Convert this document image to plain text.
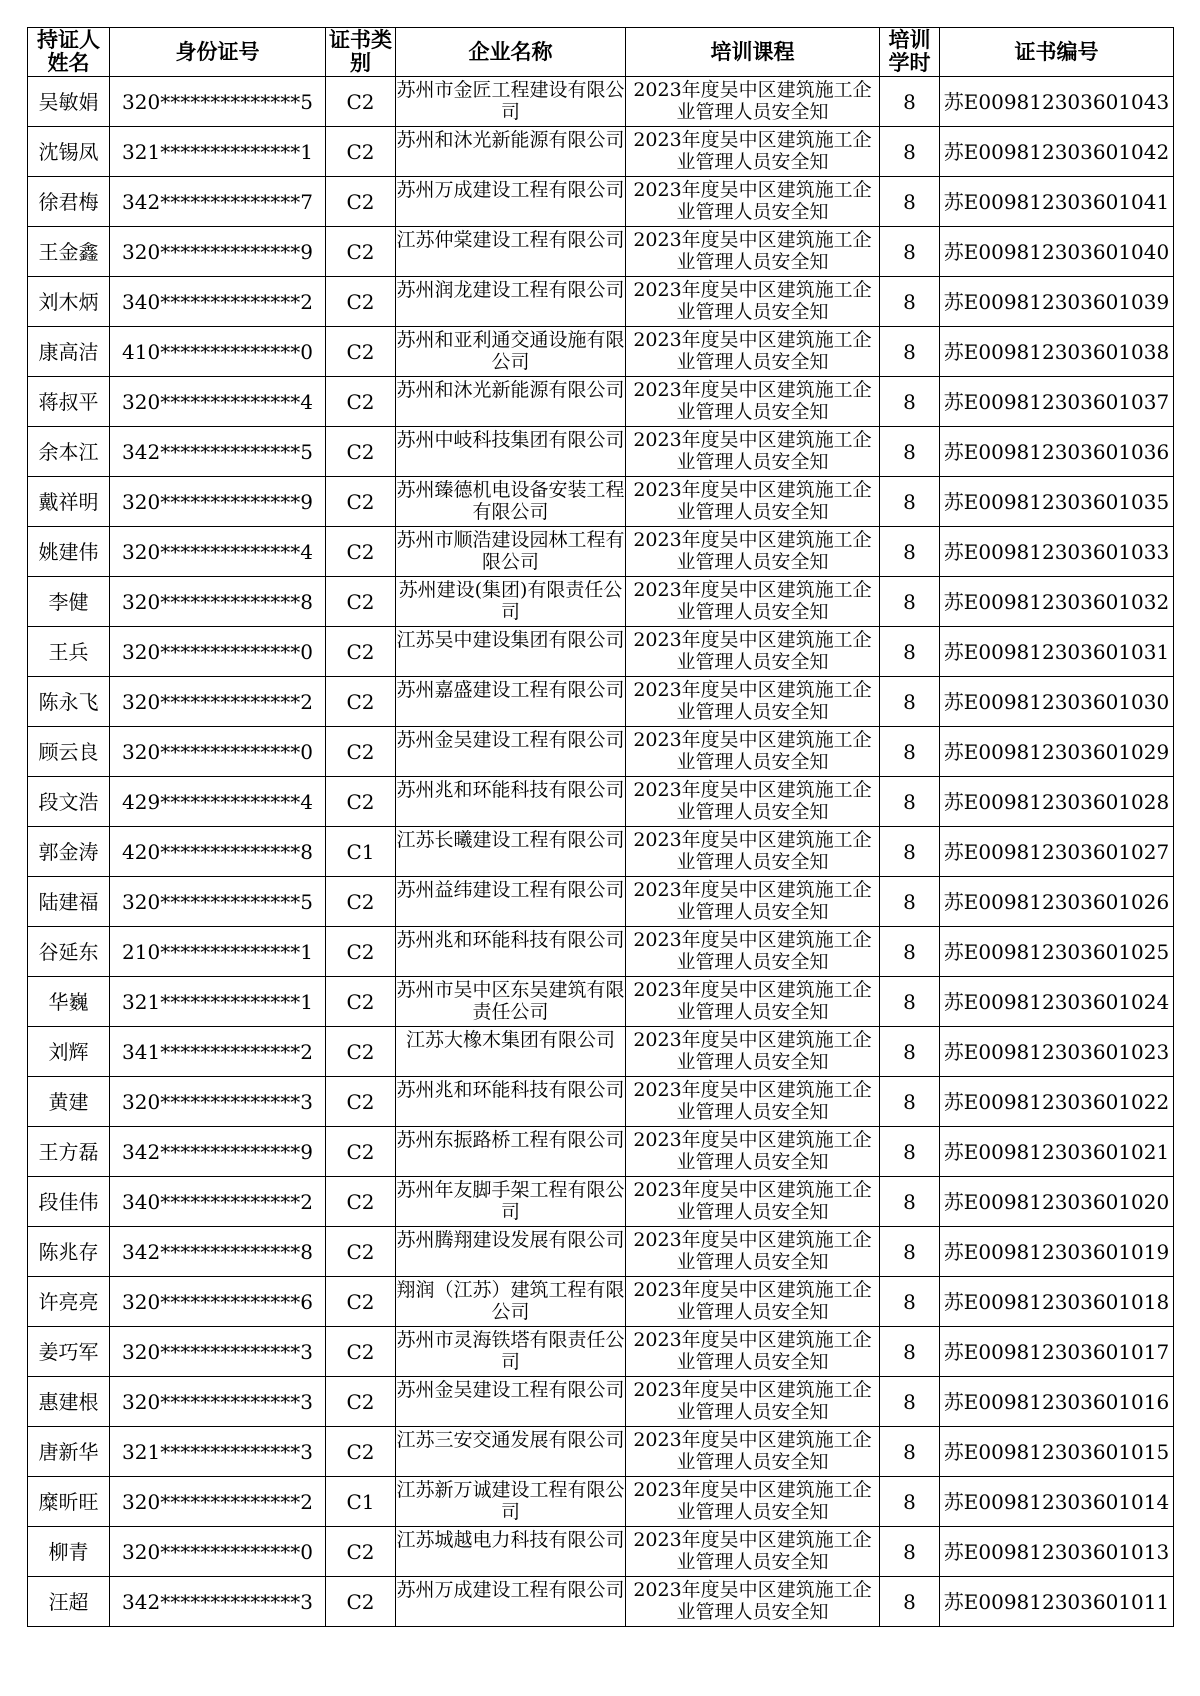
持证人姓名	身份证号	证书类别	企业名称	培训课程	培训学时	证书编号

吴敏娟	320**************5	C2	苏州市金匠工程建设有限公司	2023年度吴中区建筑施工企业管理人员安全知	8	苏E009812303601043

沈锡凤	321**************1	C2	苏州和沐光新能源有限公司	2023年度吴中区建筑施工企业管理人员安全知	8	苏E009812303601042

徐君梅	342**************7	C2	苏州万成建设工程有限公司	2023年度吴中区建筑施工企业管理人员安全知	8	苏E009812303601041

王金鑫	320**************9	C2	江苏仲棠建设工程有限公司	2023年度吴中区建筑施工企业管理人员安全知	8	苏E009812303601040

刘木炳	340**************2	C2	苏州润龙建设工程有限公司	2023年度吴中区建筑施工企业管理人员安全知	8	苏E009812303601039

康高洁	410**************0	C2	苏州和亚利通交通设施有限公司	2023年度吴中区建筑施工企业管理人员安全知	8	苏E009812303601038

蒋叔平	320**************4	C2	苏州和沐光新能源有限公司	2023年度吴中区建筑施工企业管理人员安全知	8	苏E009812303601037

余本江	342**************5	C2	苏州中岐科技集团有限公司	2023年度吴中区建筑施工企业管理人员安全知	8	苏E009812303601036

戴祥明	320**************9	C2	苏州臻德机电设备安装工程有限公司	2023年度吴中区建筑施工企业管理人员安全知	8	苏E009812303601035

姚建伟	320**************4	C2	苏州市顺浩建设园林工程有限公司	2023年度吴中区建筑施工企业管理人员安全知	8	苏E009812303601033

李健	320**************8	C2	苏州建设(集团)有限责任公司	2023年度吴中区建筑施工企业管理人员安全知	8	苏E009812303601032

王兵	320**************0	C2	江苏吴中建设集团有限公司	2023年度吴中区建筑施工企业管理人员安全知	8	苏E009812303601031

陈永飞	320**************2	C2	苏州嘉盛建设工程有限公司	2023年度吴中区建筑施工企业管理人员安全知	8	苏E009812303601030

顾云良	320**************0	C2	苏州金吴建设工程有限公司	2023年度吴中区建筑施工企业管理人员安全知	8	苏E009812303601029

段文浩	429**************4	C2	苏州兆和环能科技有限公司	2023年度吴中区建筑施工企业管理人员安全知	8	苏E009812303601028

郭金涛	420**************8	C1	江苏长曦建设工程有限公司	2023年度吴中区建筑施工企业管理人员安全知	8	苏E009812303601027

陆建福	320**************5	C2	苏州益纬建设工程有限公司	2023年度吴中区建筑施工企业管理人员安全知	8	苏E009812303601026

谷延东	210**************1	C2	苏州兆和环能科技有限公司	2023年度吴中区建筑施工企业管理人员安全知	8	苏E009812303601025

华巍	321**************1	C2	苏州市吴中区东吴建筑有限责任公司	2023年度吴中区建筑施工企业管理人员安全知	8	苏E009812303601024

刘辉	341**************2	C2	江苏大橡木集团有限公司	2023年度吴中区建筑施工企业管理人员安全知	8	苏E009812303601023

黄建	320**************3	C2	苏州兆和环能科技有限公司	2023年度吴中区建筑施工企业管理人员安全知	8	苏E009812303601022

王方磊	342**************9	C2	苏州东振路桥工程有限公司	2023年度吴中区建筑施工企业管理人员安全知	8	苏E009812303601021

段佳伟	340**************2	C2	苏州年友脚手架工程有限公司	2023年度吴中区建筑施工企业管理人员安全知	8	苏E009812303601020

陈兆存	342**************8	C2	苏州腾翔建设发展有限公司	2023年度吴中区建筑施工企业管理人员安全知	8	苏E009812303601019

许亮亮	320**************6	C2	翔润（江苏）建筑工程有限公司	2023年度吴中区建筑施工企业管理人员安全知	8	苏E009812303601018

姜巧军	320**************3	C2	苏州市灵海铁塔有限责任公司	2023年度吴中区建筑施工企业管理人员安全知	8	苏E009812303601017

惠建根	320**************3	C2	苏州金吴建设工程有限公司	2023年度吴中区建筑施工企业管理人员安全知	8	苏E009812303601016

唐新华	321**************3	C2	江苏三安交通发展有限公司	2023年度吴中区建筑施工企业管理人员安全知	8	苏E009812303601015

糜昕旺	320**************2	C1	江苏新万诚建设工程有限公司	2023年度吴中区建筑施工企业管理人员安全知	8	苏E009812303601014

柳青	320**************0	C2	江苏城越电力科技有限公司	2023年度吴中区建筑施工企业管理人员安全知	8	苏E009812303601013

汪超	342**************3	C2	苏州万成建设工程有限公司	2023年度吴中区建筑施工企业管理人员安全知	8	苏E009812303601011
